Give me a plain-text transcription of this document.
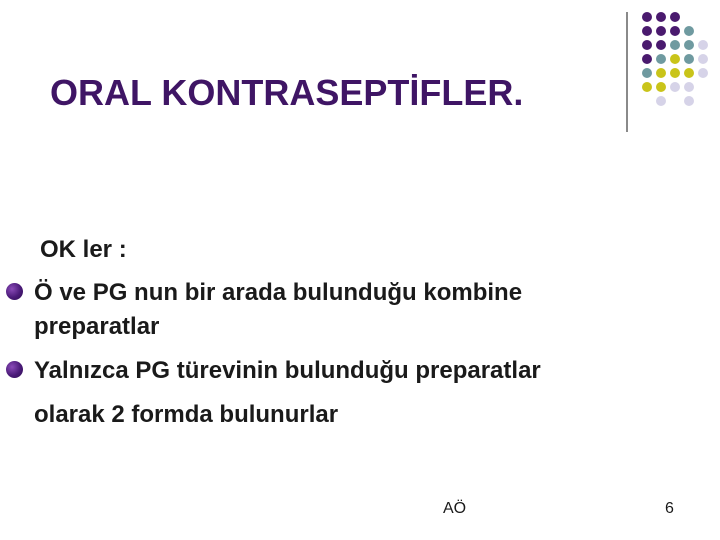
ORAL KONTRASEPTİFLER.
OK ler :
Ö ve PG nun bir arada bulunduğu kombine
preparatlar
Yalnızca PG türevinin bulunduğu preparatlar
olarak 2 formda bulunurlar
AÖ	6
